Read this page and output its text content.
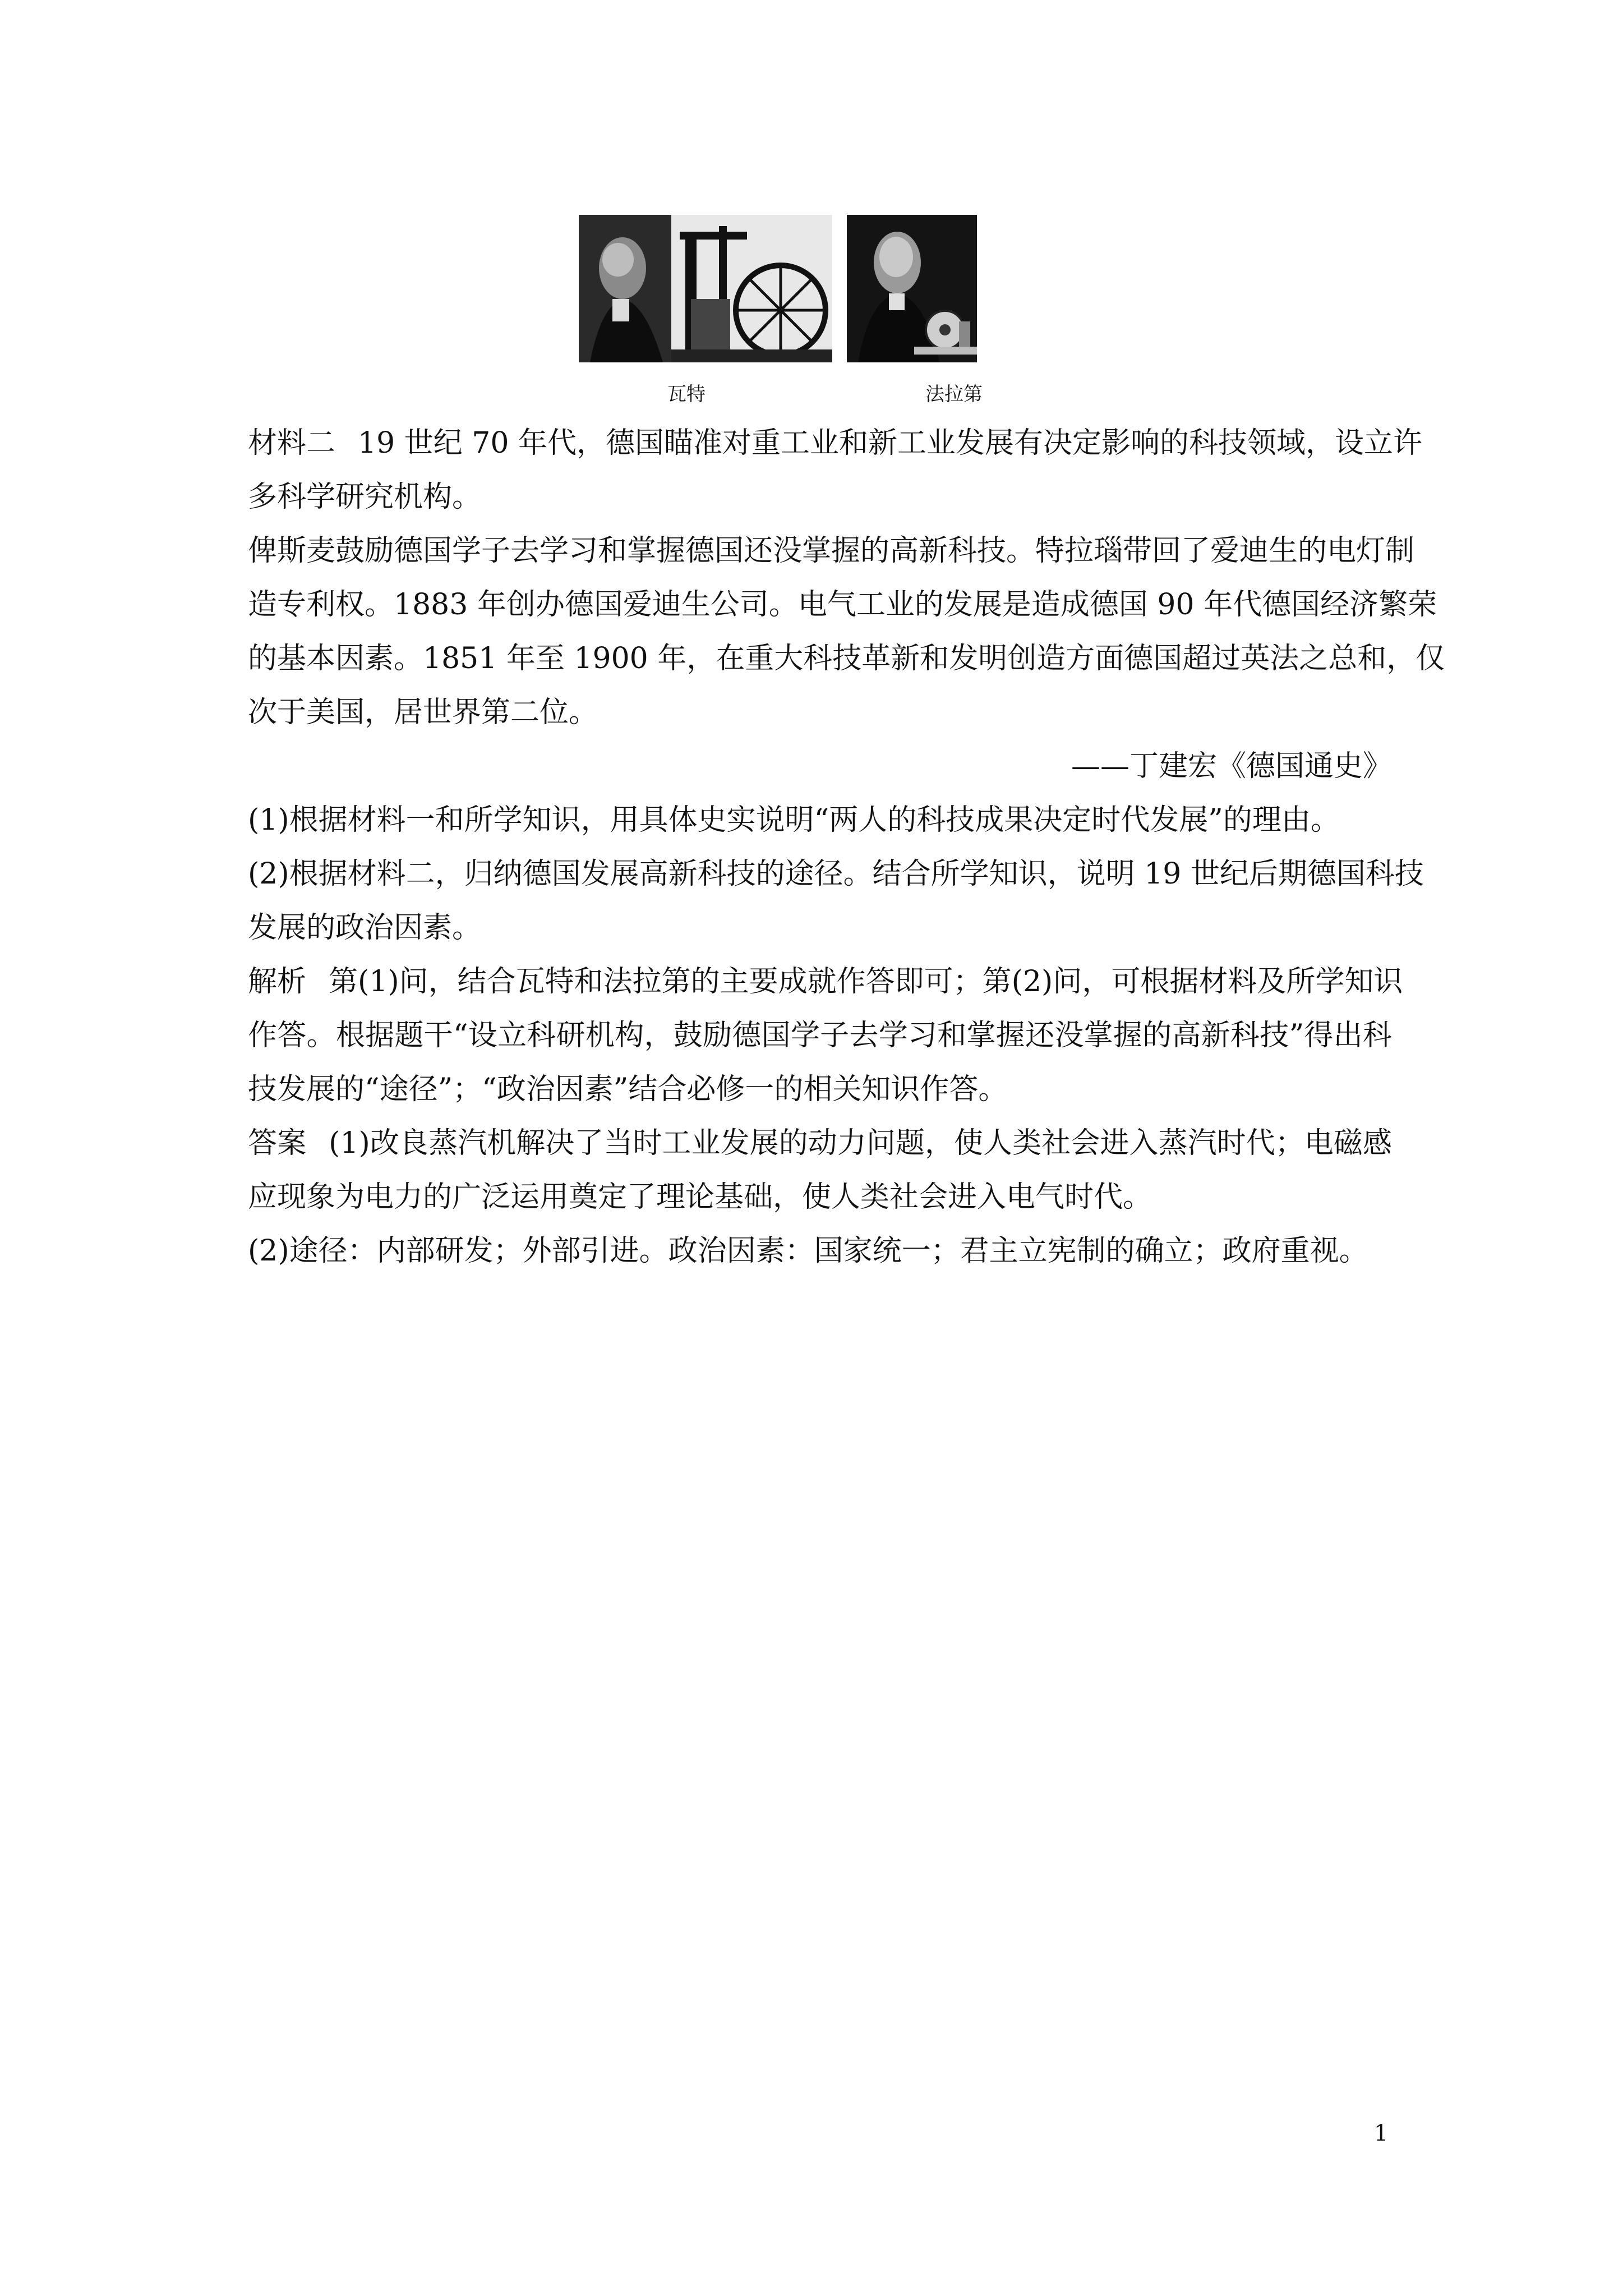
瓦特	法拉第
材料二 19 世纪 70 年代，德国瞄准对重工业和新工业发展有决定影响的科技领域，设立许
多科学研究机构。
俾斯麦鼓励德国学子去学习和掌握德国还没掌握的高新科技。特拉瑙带回了爱迪生的电灯制
造专利权。1883 年创办德国爱迪生公司。电气工业的发展是造成德国 90 年代德国经济繁荣
的基本因素。1851 年至 1900 年，在重大科技革新和发明创造方面德国超过英法之总和，仅
次于美国，居世界第二位。
——丁建宏《德国通史》
(1)根据材料一和所学知识，用具体史实说明“两人的科技成果决定时代发展”的理由。
(2)根据材料二，归纳德国发展高新科技的途径。结合所学知识，说明 19 世纪后期德国科技
发展的政治因素。
解析 第(1)问，结合瓦特和法拉第的主要成就作答即可；第(2)问，可根据材料及所学知识
作答。根据题干“设立科研机构，鼓励德国学子去学习和掌握还没掌握的高新科技”得出科
技发展的“途径”；“政治因素”结合必修一的相关知识作答。
答案 (1)改良蒸汽机解决了当时工业发展的动力问题，使人类社会进入蒸汽时代；电磁感
应现象为电力的广泛运用奠定了理论基础，使人类社会进入电气时代。
(2)途径：内部研发；外部引进。政治因素：国家统一；君主立宪制的确立；政府重视。
1
